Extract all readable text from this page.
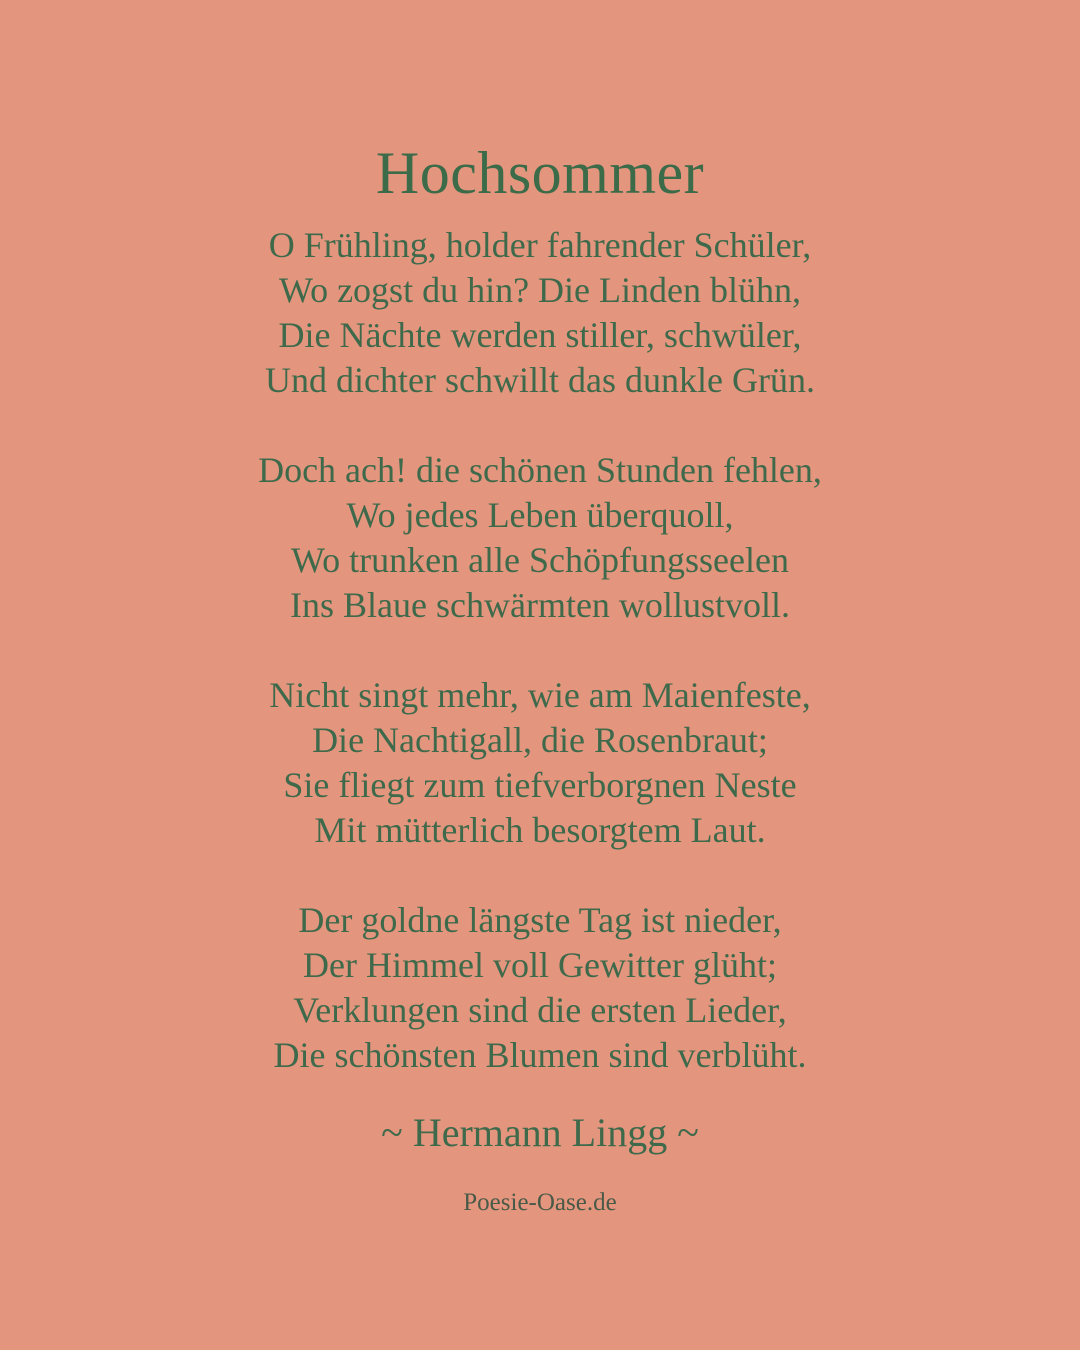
Hochsommer
O Frühling, holder fahrender Schüler,
Wo zogst du hin? Die Linden blühn,
Die Nächte werden stiller, schwüler,
Und dichter schwillt das dunkle Grün.
Doch ach! die schönen Stunden fehlen,
Wo jedes Leben überquoll,
Wo trunken alle Schöpfungsseelen
Ins Blaue schwärmten wollustvoll.
Nicht singt mehr, wie am Maienfeste,
Die Nachtigall, die Rosenbraut;
Sie fliegt zum tiefverborgnen Neste
Mit mütterlich besorgtem Laut.
Der goldne längste Tag ist nieder,
Der Himmel voll Gewitter glüht;
Verklungen sind die ersten Lieder,
Die schönsten Blumen sind verblüht.
~ Hermann Lingg ~
Poesie-Oase.de
